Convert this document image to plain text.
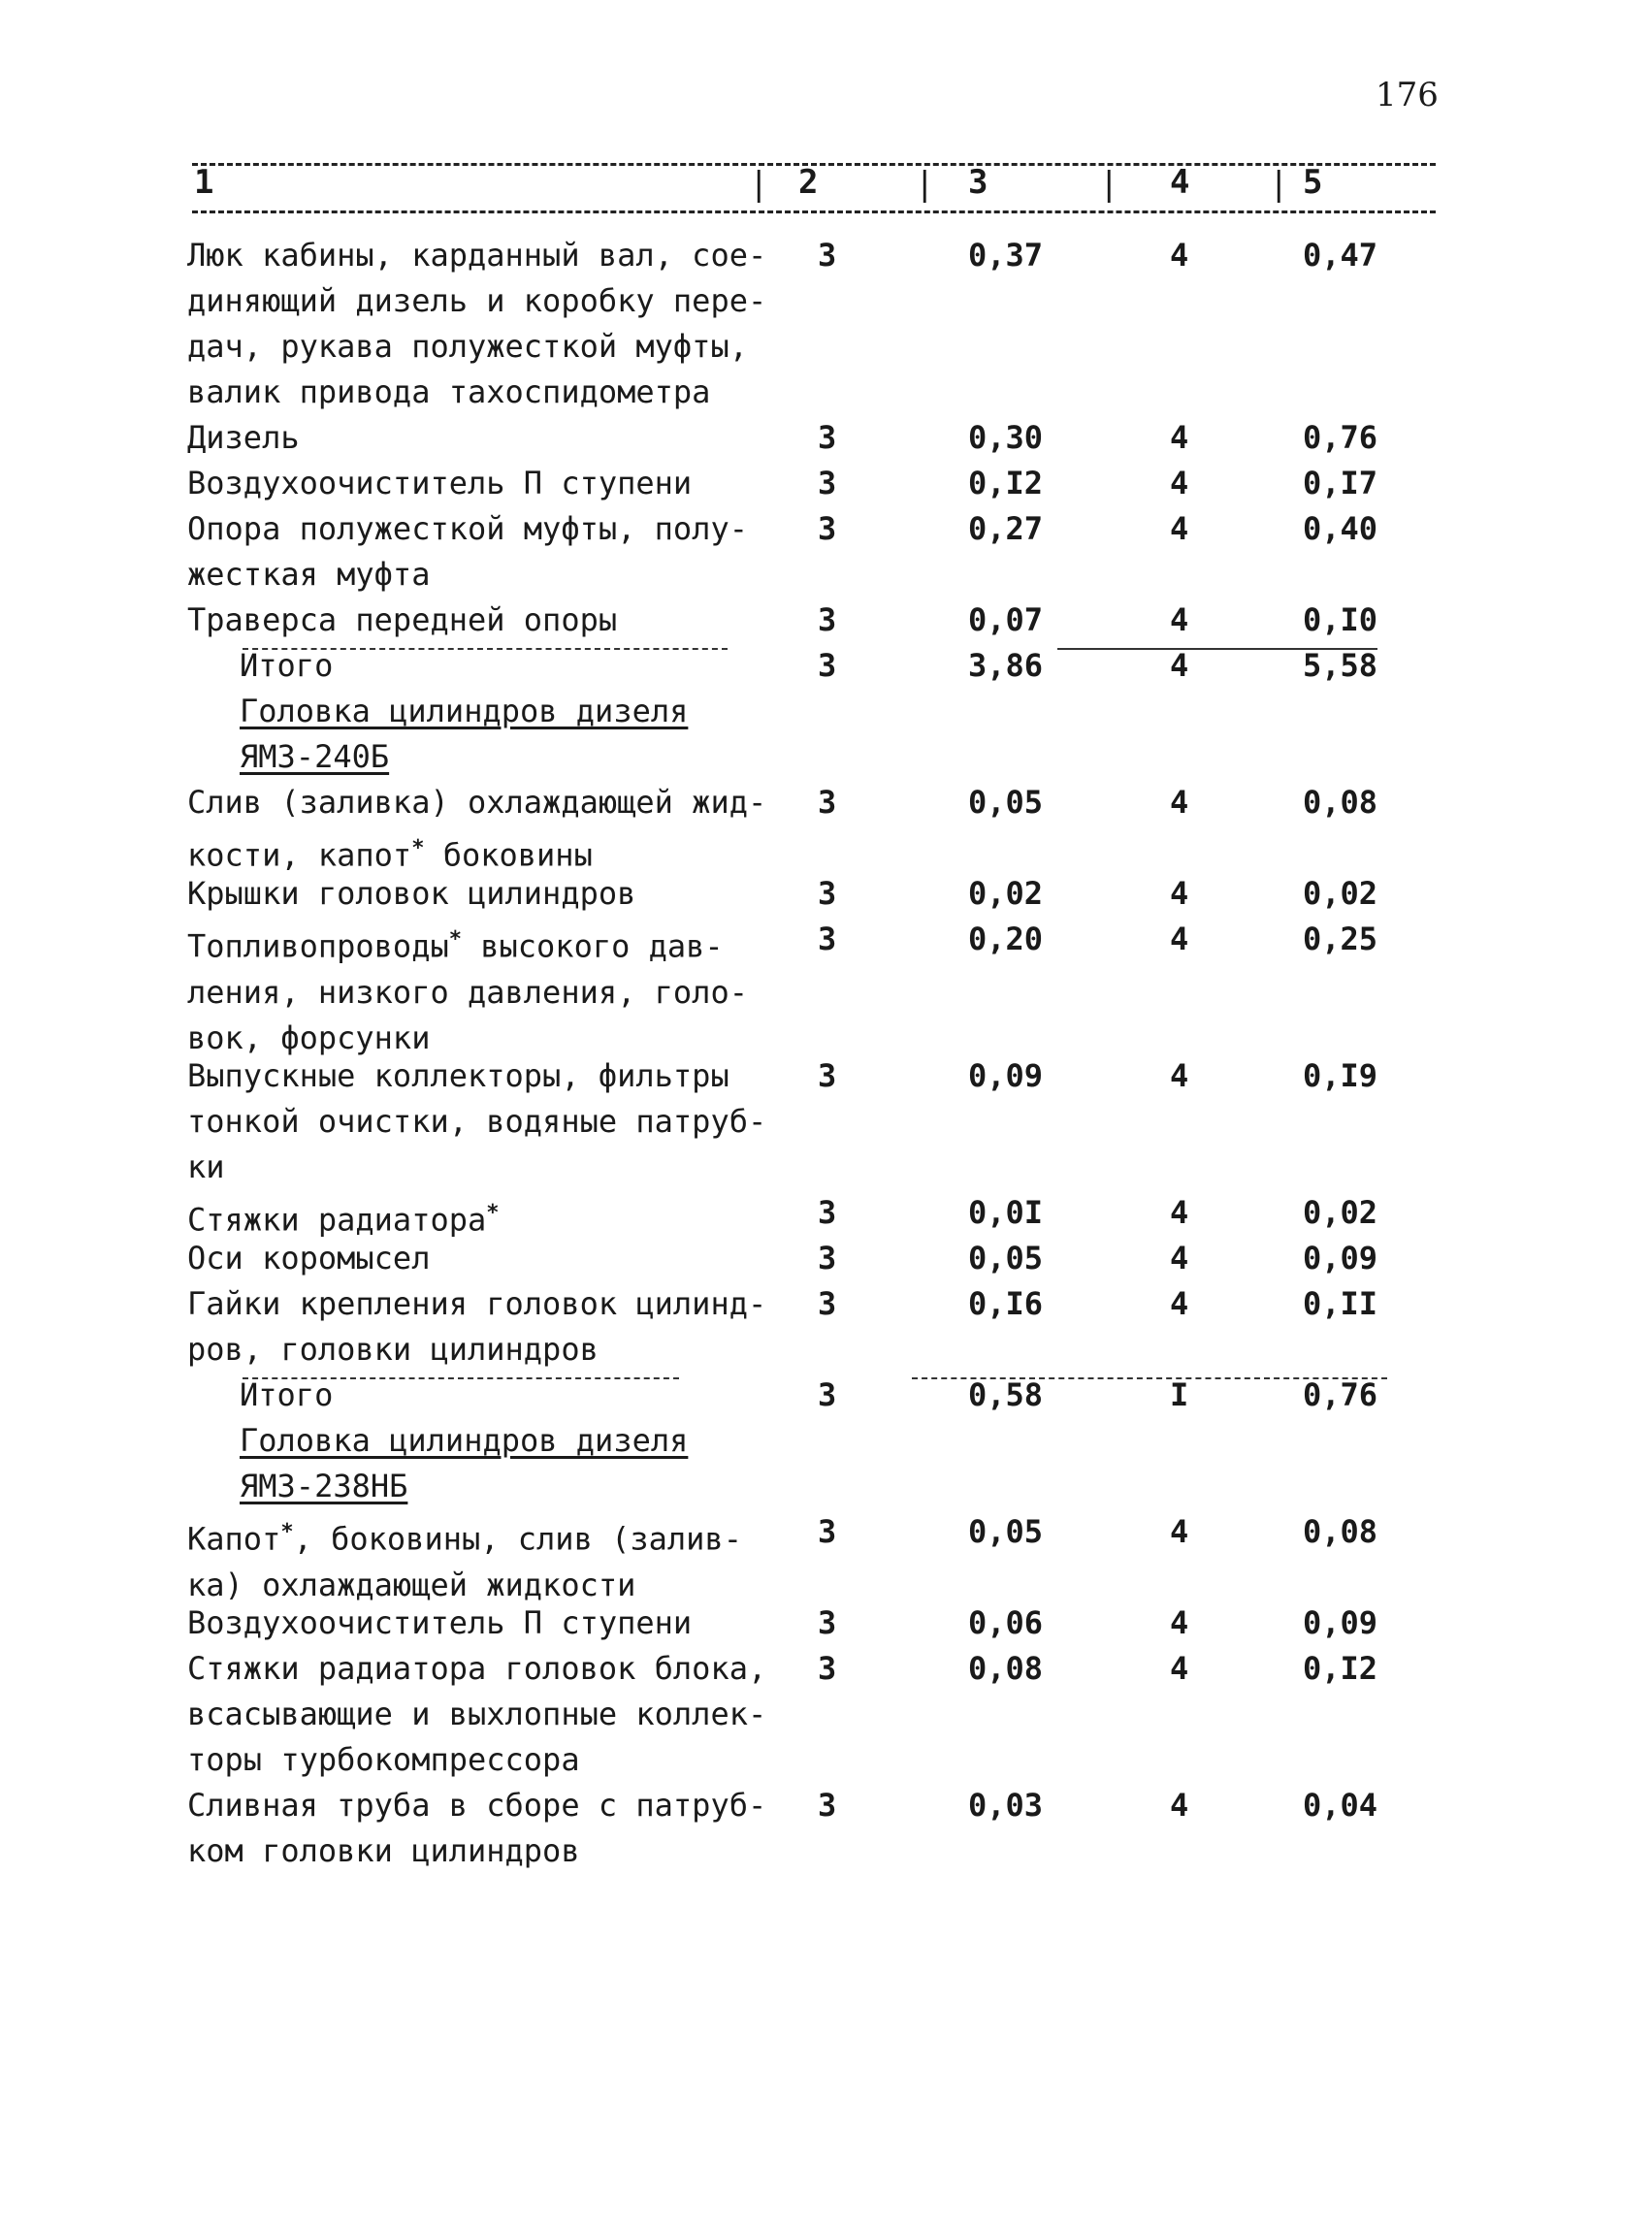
176
1	| 2	| 3	| 4 | 5
Люк кабины, карданный вал, сое-
диняющий дизель и коробку пере-
дач, рукава полужесткой муфты,
валик привода тахоспидометра
3	0,37	4	0,47
Дизель	3	0,30	4	0,76
Воздухоочиститель П ступени	3	0,I2	4	0,I7
Опора полужесткой муфты, полу-
жесткая муфта
3	0,27	4	0,40
Траверса передней опоры	3	0,07	4	0,I0
Итого	3	3,86	4	5,58
Головка цилиндров дизеля
ЯМЗ-240Б
Слив (заливка) охлаждающей жид-
кости, капот* боковины
3	0,05	4	0,08
Крышки головок цилиндров	3	0,02	4	0,02
Топливопроводы* высокого дав-
ления, низкого давления, голо-
вок, форсунки
3	0,20	4	0,25
Выпускные коллекторы, фильтры
тонкой очистки, водяные патруб-
ки
3	0,09	4	0,I9
Стяжки радиатора*	3	0,0I	4	0,02
Оси коромысел	3	0,05	4	0,09
Гайки крепления головок цилинд-
ров, головки цилиндров
3	0,I6	4	0,II
Итого	3	0,58	I	0,76
Головка цилиндров дизеля
ЯМЗ-238НБ
Капот*, боковины, слив (залив-
ка) охлаждающей жидкости
3	0,05	4	0,08
Воздухоочиститель П ступени	3	0,06	4	0,09
Стяжки радиатора головок блока,
всасывающие и выхлопные коллек-
торы турбокомпрессора
3	0,08	4	0,I2
Сливная труба в сборе с патруб-
ком головки цилиндров
3	0,03	4	0,04
